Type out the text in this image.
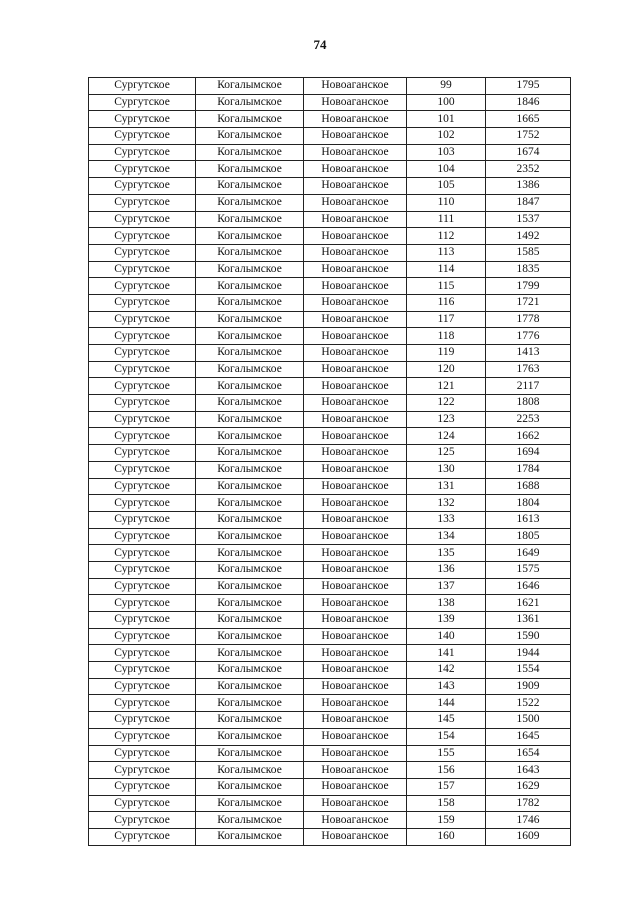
74
Сургутское	Когалымское	Новоаганское	99	1795
Сургутское	Когалымское	Новоаганское	100	1846
Сургутское	Когалымское	Новоаганское	101	1665
Сургутское	Когалымское	Новоаганское	102	1752
Сургутское	Когалымское	Новоаганское	103	1674
Сургутское	Когалымское	Новоаганское	104	2352
Сургутское	Когалымское	Новоаганское	105	1386
Сургутское	Когалымское	Новоаганское	110	1847
Сургутское	Когалымское	Новоаганское	111	1537
Сургутское	Когалымское	Новоаганское	112	1492
Сургутское	Когалымское	Новоаганское	113	1585
Сургутское	Когалымское	Новоаганское	114	1835
Сургутское	Когалымское	Новоаганское	115	1799
Сургутское	Когалымское	Новоаганское	116	1721
Сургутское	Когалымское	Новоаганское	117	1778
Сургутское	Когалымское	Новоаганское	118	1776
Сургутское	Когалымское	Новоаганское	119	1413
Сургутское	Когалымское	Новоаганское	120	1763
Сургутское	Когалымское	Новоаганское	121	2117
Сургутское	Когалымское	Новоаганское	122	1808
Сургутское	Когалымское	Новоаганское	123	2253
Сургутское	Когалымское	Новоаганское	124	1662
Сургутское	Когалымское	Новоаганское	125	1694
Сургутское	Когалымское	Новоаганское	130	1784
Сургутское	Когалымское	Новоаганское	131	1688
Сургутское	Когалымское	Новоаганское	132	1804
Сургутское	Когалымское	Новоаганское	133	1613
Сургутское	Когалымское	Новоаганское	134	1805
Сургутское	Когалымское	Новоаганское	135	1649
Сургутское	Когалымское	Новоаганское	136	1575
Сургутское	Когалымское	Новоаганское	137	1646
Сургутское	Когалымское	Новоаганское	138	1621
Сургутское	Когалымское	Новоаганское	139	1361
Сургутское	Когалымское	Новоаганское	140	1590
Сургутское	Когалымское	Новоаганское	141	1944
Сургутское	Когалымское	Новоаганское	142	1554
Сургутское	Когалымское	Новоаганское	143	1909
Сургутское	Когалымское	Новоаганское	144	1522
Сургутское	Когалымское	Новоаганское	145	1500
Сургутское	Когалымское	Новоаганское	154	1645
Сургутское	Когалымское	Новоаганское	155	1654
Сургутское	Когалымское	Новоаганское	156	1643
Сургутское	Когалымское	Новоаганское	157	1629
Сургутское	Когалымское	Новоаганское	158	1782
Сургутское	Когалымское	Новоаганское	159	1746
Сургутское	Когалымское	Новоаганское	160	1609
